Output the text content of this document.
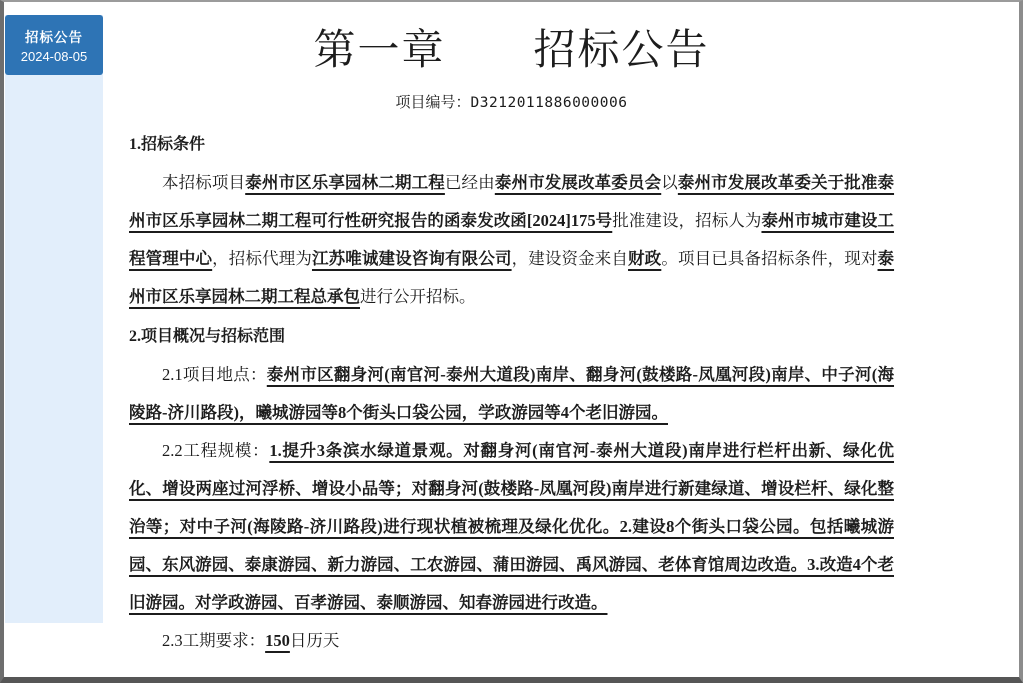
招标公告
2024-08-05	第一章　　招标公告
项目编号：D3212011886000006
1.招标条件

本招标项目泰州市区乐享园林二期工程已经由泰州市发展改革委员会以泰州市发展改革委关于批准泰州市区乐享园林二期工程可行性研究报告的函泰发改函[2024]175号批准建设，招标人为泰州市城市建设工程管理中心，招标代理为江苏唯诚建设咨询有限公司，建设资金来自财政。项目已具备招标条件，现对泰州市区乐享园林二期工程总承包进行公开招标。

2.项目概况与招标范围

2.1项目地点：泰州市区翻身河(南官河-泰州大道段)南岸、翻身河(鼓楼路-凤凰河段)南岸、中子河(海陵路-济川路段)，曦城游园等8个街头口袋公园，学政游园等4个老旧游园。

2.2工程规模：1.提升3条滨水绿道景观。对翻身河(南官河-泰州大道段)南岸进行栏杆出新、绿化优化、增设两座过河浮桥、增设小品等；对翻身河(鼓楼路-凤凰河段)南岸进行新建绿道、增设栏杆、绿化整治等；对中子河(海陵路-济川路段)进行现状植被梳理及绿化优化。2.建设8个街头口袋公园。包括曦城游园、东风游园、泰康游园、新力游园、工农游园、蒲田游园、禹风游园、老体育馆周边改造。3.改造4个老旧游园。对学政游园、百孝游园、泰顺游园、知春游园进行改造。

2.3工期要求：150日历天
